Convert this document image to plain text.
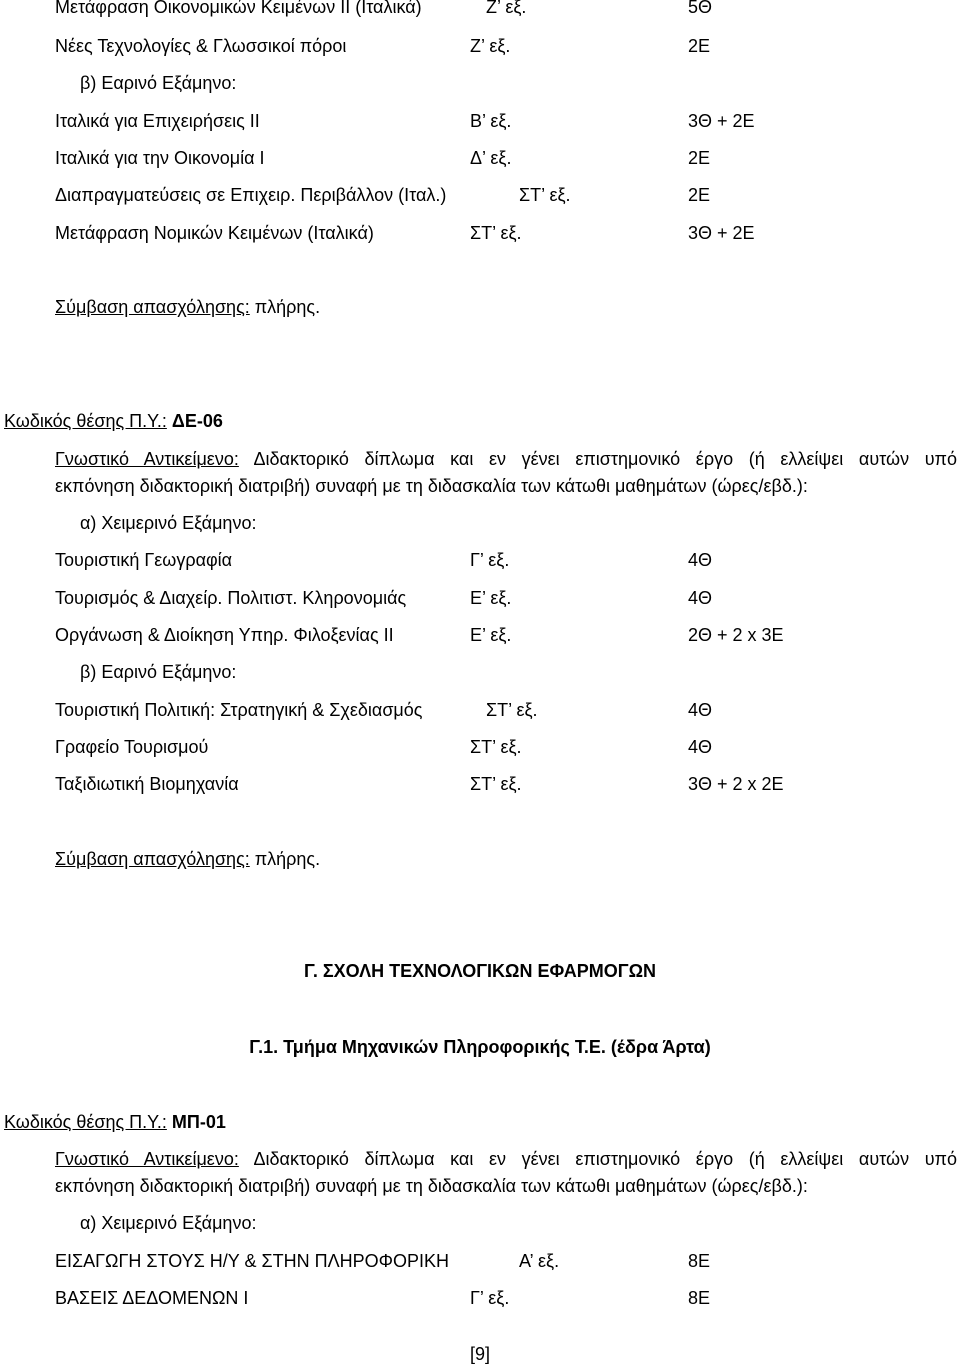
Μετάφραση Οικονομικών Κειμένων ΙΙ (Ιταλικά)	Ζ’ εξ.	5Θ
Νέες Τεχνολογίες & Γλωσσικοί πόροι	Ζ’ εξ.	2Ε
β) Εαρινό Εξάμηνο:
Ιταλικά για Επιχειρήσεις ΙΙ	Β’ εξ.	3Θ + 2Ε
Ιταλικά για την Οικονομία Ι	Δ’ εξ.	2Ε
Διαπραγματεύσεις σε Επιχειρ. Περιβάλλον (Ιταλ.)	ΣΤ’ εξ.	2Ε
Μετάφραση Νομικών Κειμένων (Ιταλικά)	ΣΤ’ εξ.	3Θ + 2Ε
Σύμβαση απασχόλησης: πλήρης.
Κωδικός θέσης Π.Υ.: ΔΕ-06
Γνωστικό Αντικείμενο: Διδακτορικό δίπλωμα και εν γένει επιστημονικό έργο (ή ελλείψει αυτών υπό
εκπόνηση διδακτορική διατριβή) συναφή με τη διδασκαλία των κάτωθι μαθημάτων (ώρες/εβδ.):
α) Χειμερινό Εξάμηνο:
Τουριστική Γεωγραφία	Γ’ εξ.	4Θ
Τουρισμός & Διαχείρ. Πολιτιστ. Κληρονομιάς	Ε’ εξ.	4Θ
Οργάνωση & Διοίκηση Υπηρ. Φιλοξενίας ΙΙ	Ε’ εξ.	2Θ + 2 x 3Ε
β) Εαρινό Εξάμηνο:
Τουριστική Πολιτική: Στρατηγική & Σχεδιασμός	ΣΤ’ εξ.	4Θ
Γραφείο Τουρισμού	ΣΤ’ εξ.	4Θ
Ταξιδιωτική Βιομηχανία	ΣΤ’ εξ.	3Θ + 2 x 2Ε
Σύμβαση απασχόλησης: πλήρης.
Γ. ΣΧΟΛΗ ΤΕΧΝΟΛΟΓΙΚΩΝ ΕΦΑΡΜΟΓΩΝ
Γ.1. Τμήμα Μηχανικών Πληροφορικής Τ.Ε. (έδρα Άρτα)
Κωδικός θέσης Π.Υ.: ΜΠ-01
Γνωστικό Αντικείμενο: Διδακτορικό δίπλωμα και εν γένει επιστημονικό έργο (ή ελλείψει αυτών υπό
εκπόνηση διδακτορική διατριβή) συναφή με τη διδασκαλία των κάτωθι μαθημάτων (ώρες/εβδ.):
α) Χειμερινό Εξάμηνο:
ΕΙΣΑΓΩΓΗ ΣΤΟΥΣ Η/Υ & ΣΤΗΝ ΠΛΗΡΟΦΟΡΙΚΗ	Α’ εξ.	8Ε
ΒΑΣΕΙΣ ΔΕΔΟΜΕΝΩΝ Ι	Γ’ εξ.	8Ε
[9]
